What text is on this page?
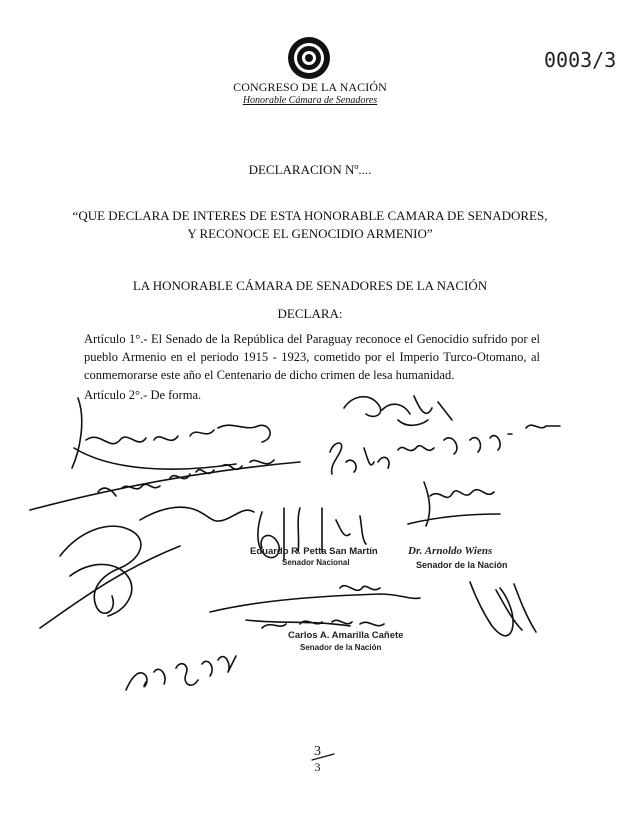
CONGRESO DE LA NACIÓN
Honorable Cámara de Senadores
0003/3
DECLARACION Nº....
“QUE DECLARA DE INTERES DE ESTA HONORABLE CAMARA DE SENADORES,
Y RECONOCE EL GENOCIDIO ARMENIO”
LA HONORABLE CÁMARA DE SENADORES DE LA NACIÓN
DECLARA:
Artículo 1°.- El Senado de la República del Paraguay reconoce el Genocidio sufrido por el pueblo Armenio en el periodo 1915 - 1923, cometido por el Imperio Turco-Otomano, al conmemorarse este año el Centenario de dicho crimen de lesa humanidad.
Artículo 2°.- De forma.
Eduardo R. Petta San Martín
Senador Nacional
Dr. Arnoldo Wiens
Senador de la Nación
Carlos A. Amarilla Cañete
Senador de la Nación
3
3
